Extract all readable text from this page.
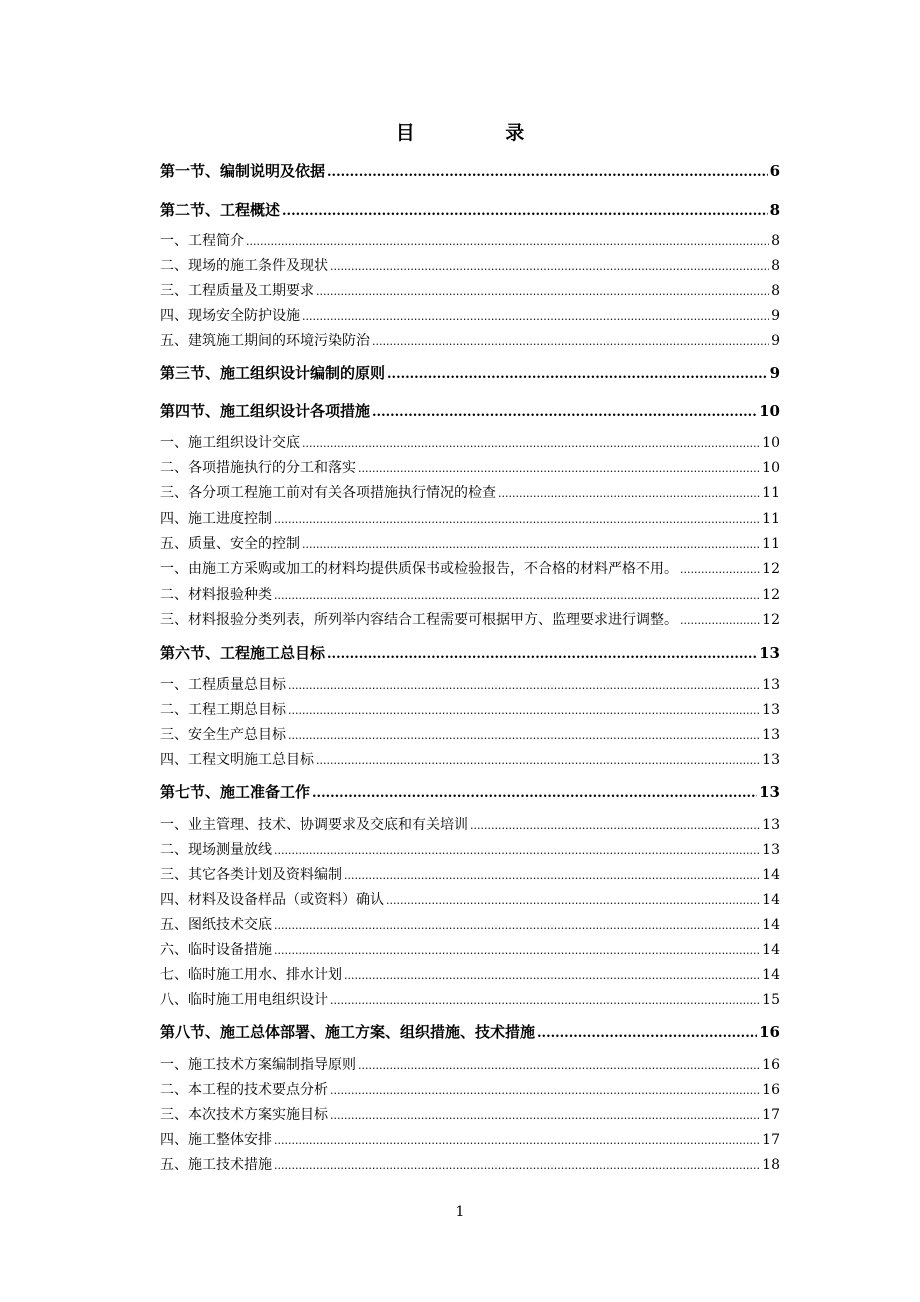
目 录
第一节、编制说明及依据 .....	6
第二节、工程概述 .....	8
一、工程简介 .....	8
二、现场的施工条件及现状 .....	8
三、工程质量及工期要求 .....	8
四、现场安全防护设施 .....	9
五、建筑施工期间的环境污染防治 .....	9
第三节、施工组织设计编制的原则 .....	9
第四节、施工组织设计各项措施 .....	10
一、施工组织设计交底 .....	10
二、各项措施执行的分工和落实 .....	10
三、各分项工程施工前对有关各项措施执行情况的检查 .....	11
四、施工进度控制 .....	11
五、质量、安全的控制 .....	11
一、由施工方采购或加工的材料均提供质保书或检验报告，不合格的材料严格不用。 .....	12
二、材料报验种类 .....	12
三、材料报验分类列表，所列举内容结合工程需要可根据甲方、监理要求进行调整。 .....	12
第六节、工程施工总目标 .....	13
一、工程质量总目标 .....	13
二、工程工期总目标 .....	13
三、安全生产总目标 .....	13
四、工程文明施工总目标 .....	13
第七节、施工准备工作 .....	13
一、业主管理、技术、协调要求及交底和有关培训 .....	13
二、现场测量放线 .....	13
三、其它各类计划及资料编制 .....	14
四、材料及设备样品（或资料）确认 .....	14
五、图纸技术交底 .....	14
六、临时设备措施 .....	14
七、临时施工用水、排水计划 .....	14
八、临时施工用电组织设计 .....	15
第八节、施工总体部署、施工方案、组织措施、技术措施 .....	16
一、施工技术方案编制指导原则 .....	16
二、本工程的技术要点分析 .....	16
三、本次技术方案实施目标 .....	17
四、施工整体安排 .....	17
五、施工技术措施 .....	18
1
